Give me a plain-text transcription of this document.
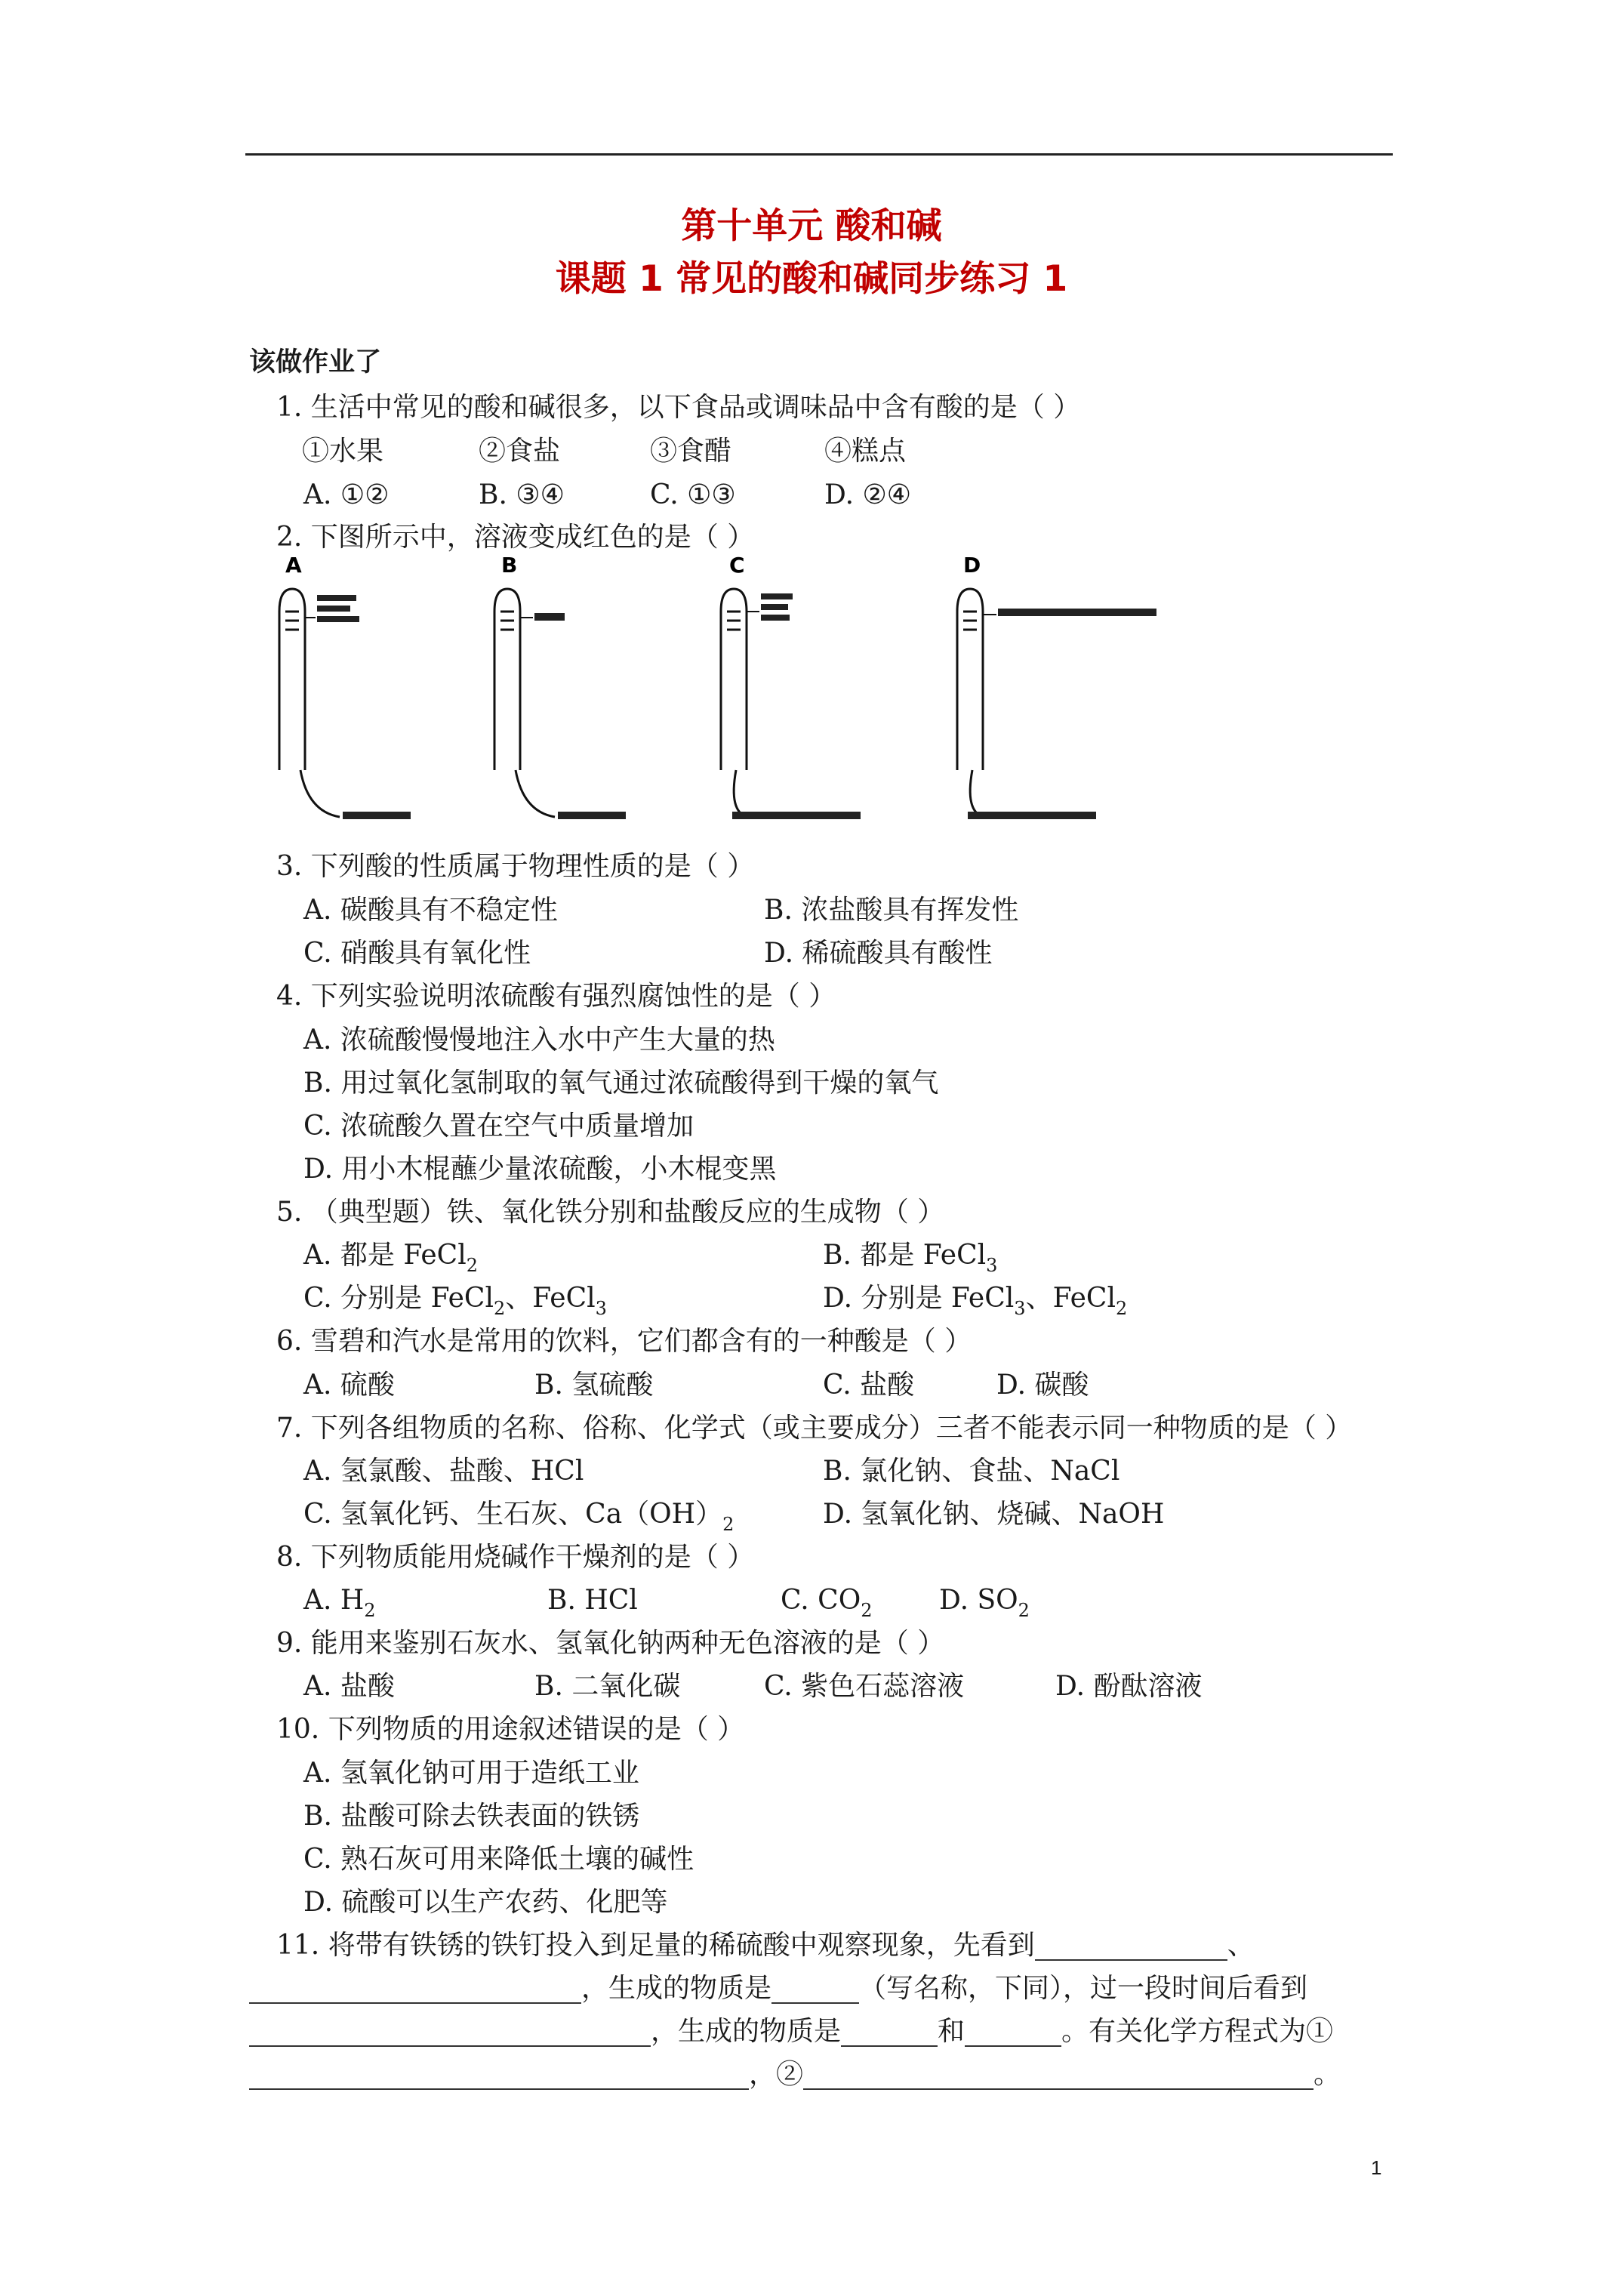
第十单元 酸和碱
课题 1 常见的酸和碱同步练习 1
该做作业了
1. 生活中常见的酸和碱很多，以下食品或调味品中含有酸的是（ ）
①水果	②食盐	③食醋	④糕点
A. ①②	B. ③④	C. ①③	D. ②④
2. 下图所示中，溶液变成红色的是（ ）
A	B	C	D
3. 下列酸的性质属于物理性质的是（ ）
A. 碳酸具有不稳定性	B. 浓盐酸具有挥发性
C. 硝酸具有氧化性	D. 稀硫酸具有酸性
4. 下列实验说明浓硫酸有强烈腐蚀性的是（ ）
A. 浓硫酸慢慢地注入水中产生大量的热
B. 用过氧化氢制取的氧气通过浓硫酸得到干燥的氧气
C. 浓硫酸久置在空气中质量增加
D. 用小木棍蘸少量浓硫酸，小木棍变黑
5. （典型题）铁、氧化铁分别和盐酸反应的生成物（ ）
A. 都是 FeCl$_2$	B. 都是 FeCl$_3$
C. 分别是 FeCl$_2$、FeCl$_3$	D. 分别是 FeCl$_3$、FeCl$_2$
6. 雪碧和汽水是常用的饮料，它们都含有的一种酸是（ ）
A. 硫酸	B. 氢硫酸	C. 盐酸	D. 碳酸
7. 下列各组物质的名称、俗称、化学式（或主要成分）三者不能表示同一种物质的是（ ）
A. 氢氯酸、盐酸、HCl	B. 氯化钠、食盐、NaCl
C. 氢氧化钙、生石灰、$Ca(OH)_2$	D. 氢氧化钠、烧碱、NaOH
8. 下列物质能用烧碱作干燥剂的是（ ）
A. $H_2$	B. HCl	C. $CO_2$ D. $SO_2$
9. 能用来鉴别石灰水、氢氧化钠两种无色溶液的是（ ）
A. 盐酸	B. 二氧化碳	C. 紫色石蕊溶液	D. 酚酞溶液
10. 下列物质的用途叙述错误的是（ ）
A. 氢氧化钠可用于造纸工业
B. 盐酸可除去铁表面的铁锈
C. 熟石灰可用来降低土壤的碱性
D. 硫酸可以生产农药、化肥等
11. 将带有铁锈的铁钉投入到足量的稀硫酸中观察现象，先看到	、
，生成的物质是	（写名称，下同），过一段时间后看到
，生成的物质是	和	。有关化学方程式为①
，②	。
1
